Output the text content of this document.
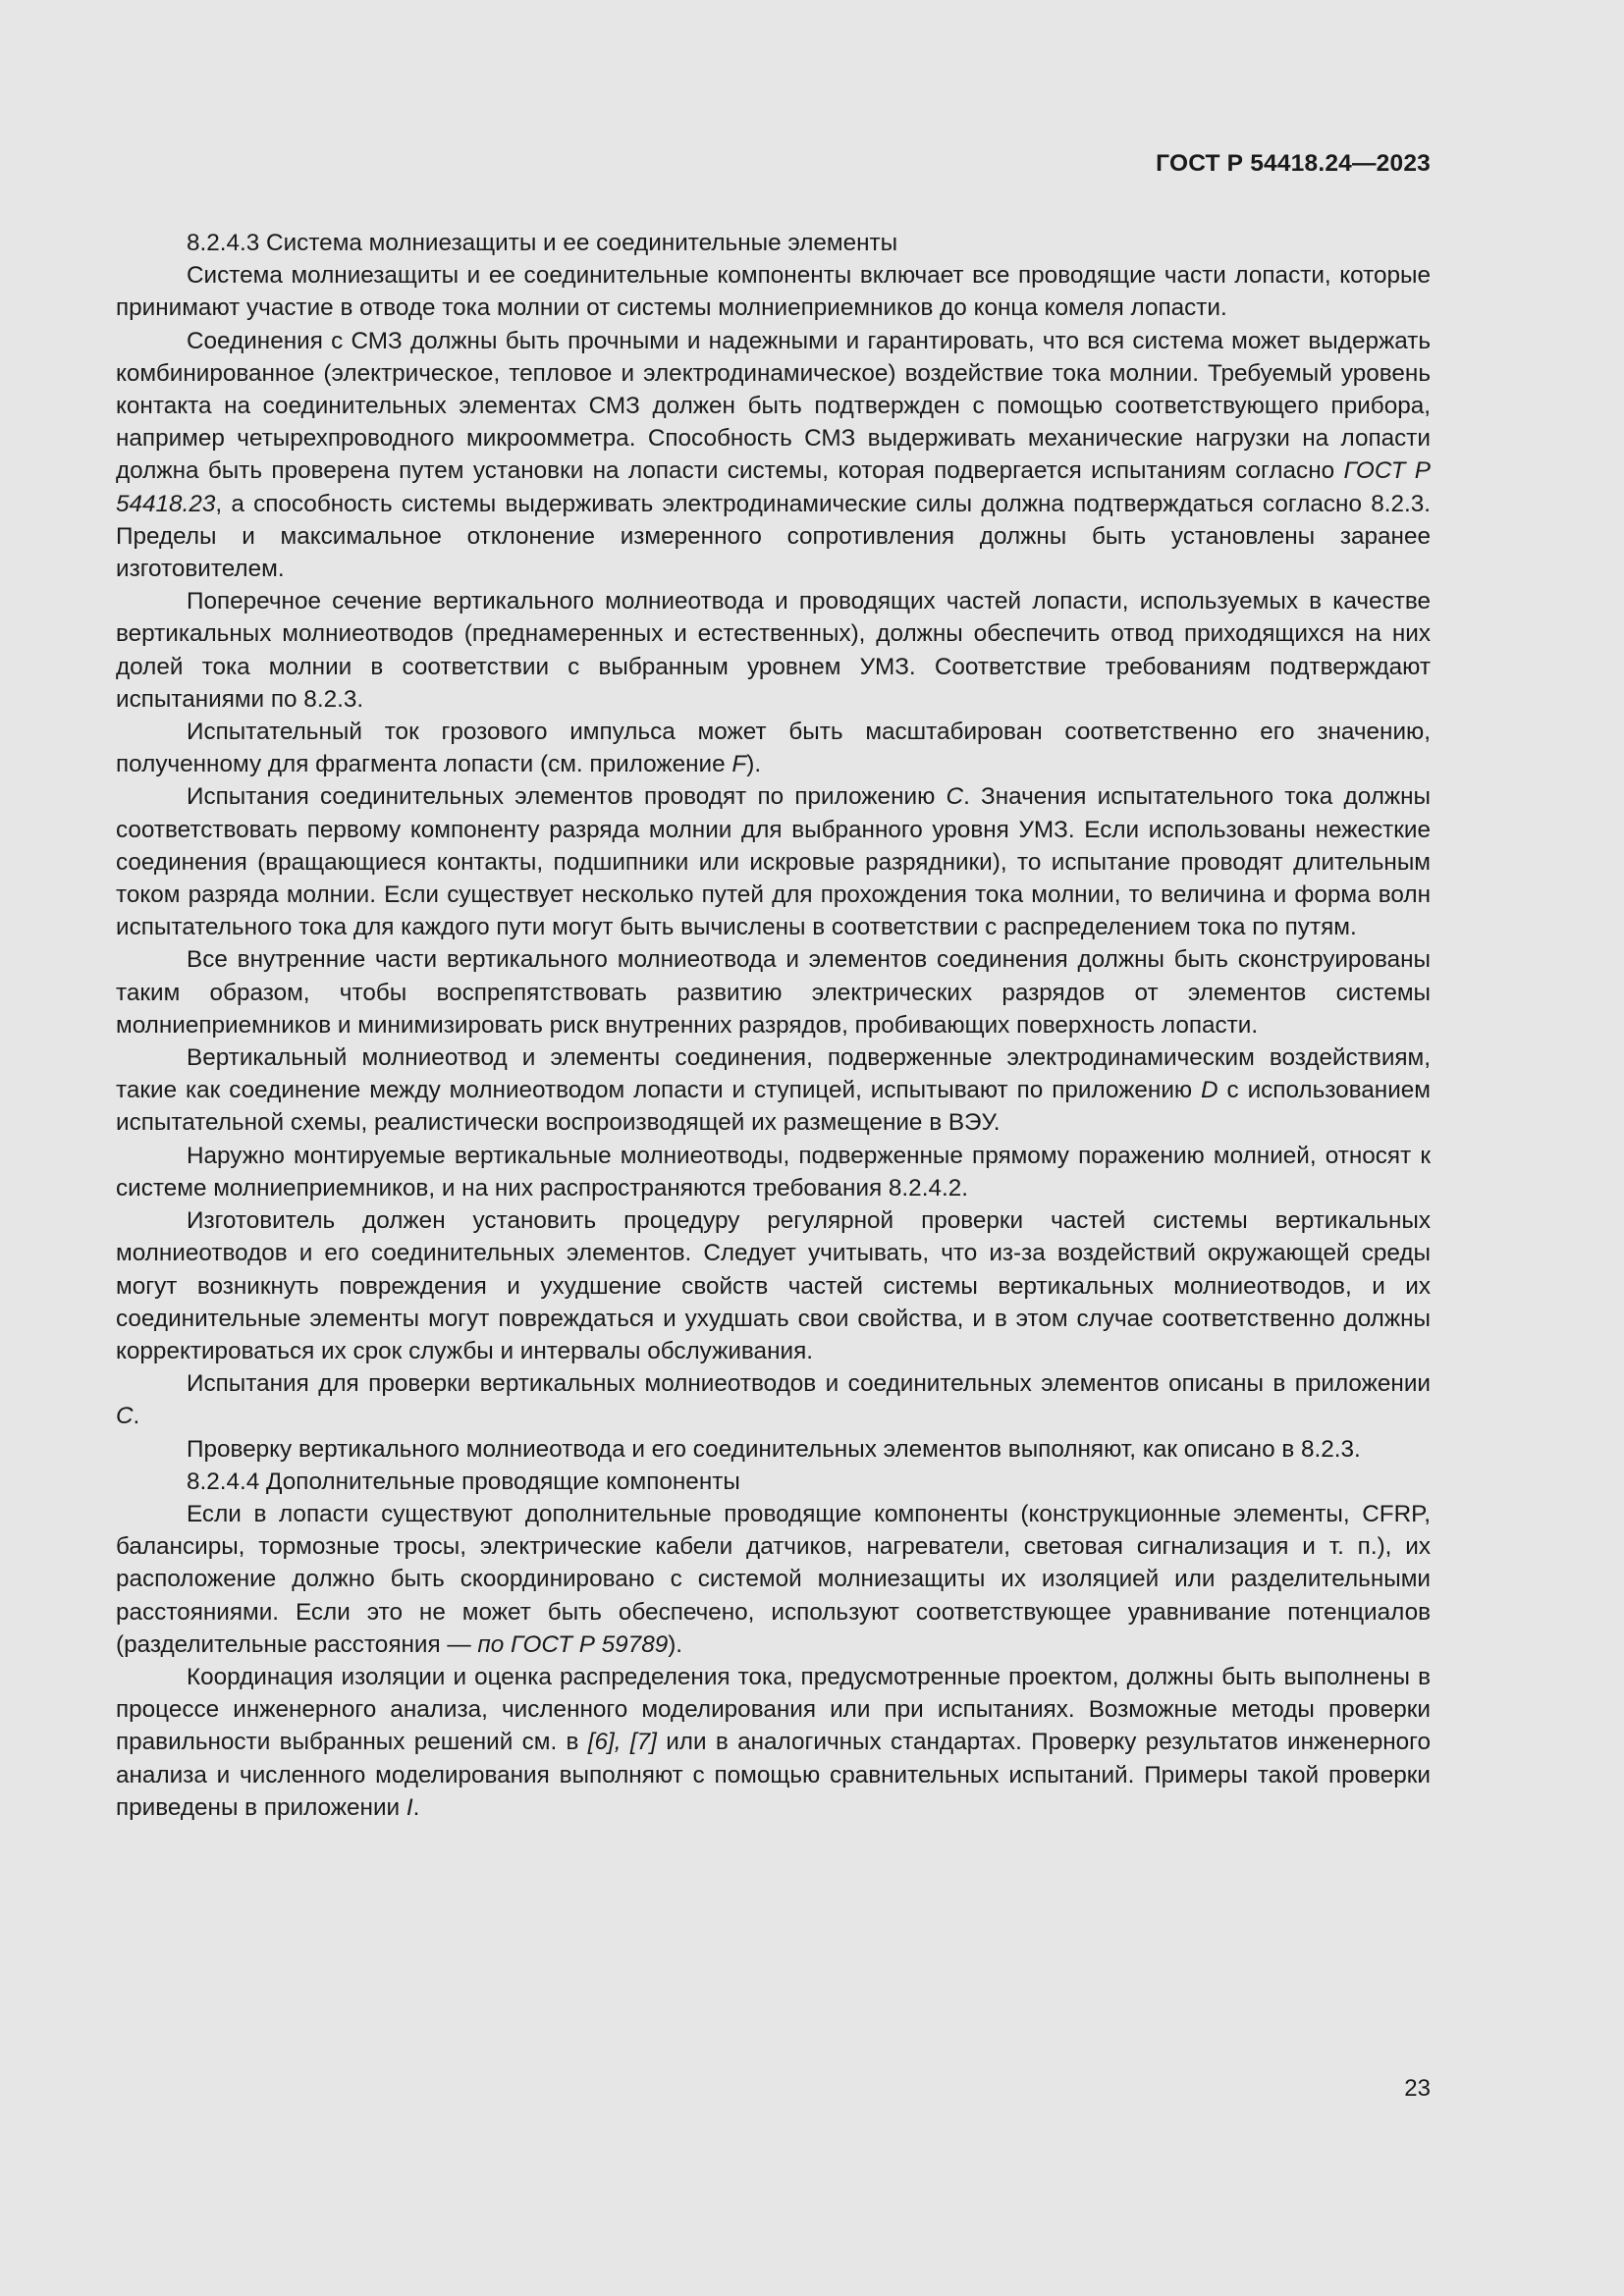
ГОСТ Р 54418.24—2023

8.2.4.3 Система молниезащиты и ее соединительные элементы

Система молниезащиты и ее соединительные компоненты включает все проводящие части лопасти, которые принимают участие в отводе тока молнии от системы молниеприемников до конца комеля лопасти.

Соединения с СМЗ должны быть прочными и надежными и гарантировать, что вся система может выдержать комбинированное (электрическое, тепловое и электродинамическое) воздействие тока молнии. Требуемый уровень контакта на соединительных элементах СМЗ должен быть подтвержден с помощью соответствующего прибора, например четырехпроводного микроомметра. Способность СМЗ выдерживать механические нагрузки на лопасти должна быть проверена путем установки на лопасти системы, которая подвергается испытаниям согласно ГОСТ Р 54418.23, а способность системы выдерживать электродинамические силы должна подтверждаться согласно 8.2.3. Пределы и максимальное отклонение измеренного сопротивления должны быть установлены заранее изготовителем.

Поперечное сечение вертикального молниеотвода и проводящих частей лопасти, используемых в качестве вертикальных молниеотводов (преднамеренных и естественных), должны обеспечить отвод приходящихся на них долей тока молнии в соответствии с выбранным уровнем УМЗ. Соответствие требованиям подтверждают испытаниями по 8.2.3.

Испытательный ток грозового импульса может быть масштабирован соответственно его значению, полученному для фрагмента лопасти (см. приложение F).

Испытания соединительных элементов проводят по приложению С. Значения испытательного тока должны соответствовать первому компоненту разряда молнии для выбранного уровня УМЗ. Если использованы нежесткие соединения (вращающиеся контакты, подшипники или искровые разрядники), то испытание проводят длительным током разряда молнии. Если существует несколько путей для прохождения тока молнии, то величина и форма волн испытательного тока для каждого пути могут быть вычислены в соответствии с распределением тока по путям.

Все внутренние части вертикального молниеотвода и элементов соединения должны быть сконструированы таким образом, чтобы воспрепятствовать развитию электрических разрядов от элементов системы молниеприемников и минимизировать риск внутренних разрядов, пробивающих поверхность лопасти.

Вертикальный молниеотвод и элементы соединения, подверженные электродинамическим воздействиям, такие как соединение между молниеотводом лопасти и ступицей, испытывают по приложению D с использованием испытательной схемы, реалистически воспроизводящей их размещение в ВЭУ.

Наружно монтируемые вертикальные молниеотводы, подверженные прямому поражению молнией, относят к системе молниеприемников, и на них распространяются требования 8.2.4.2.

Изготовитель должен установить процедуру регулярной проверки частей системы вертикальных молниеотводов и его соединительных элементов. Следует учитывать, что из-за воздействий окружающей среды могут возникнуть повреждения и ухудшение свойств частей системы вертикальных молниеотводов, и их соединительные элементы могут повреждаться и ухудшать свои свойства, и в этом случае соответственно должны корректироваться их срок службы и интервалы обслуживания.

Испытания для проверки вертикальных молниеотводов и соединительных элементов описаны в приложении С.

Проверку вертикального молниеотвода и его соединительных элементов выполняют, как описано в 8.2.3.

8.2.4.4 Дополнительные проводящие компоненты

Если в лопасти существуют дополнительные проводящие компоненты (конструкционные элементы, CFRP, балансиры, тормозные тросы, электрические кабели датчиков, нагреватели, световая сигнализация и т. п.), их расположение должно быть скоординировано с системой молниезащиты их изоляцией или разделительными расстояниями. Если это не может быть обеспечено, используют соответствующее уравнивание потенциалов (разделительные расстояния — по ГОСТ Р 59789).

Координация изоляции и оценка распределения тока, предусмотренные проектом, должны быть выполнены в процессе инженерного анализа, численного моделирования или при испытаниях. Возможные методы проверки правильности выбранных решений см. в [6], [7] или в аналогичных стандартах. Проверку результатов инженерного анализа и численного моделирования выполняют с помощью сравнительных испытаний. Примеры такой проверки приведены в приложении I.

23
